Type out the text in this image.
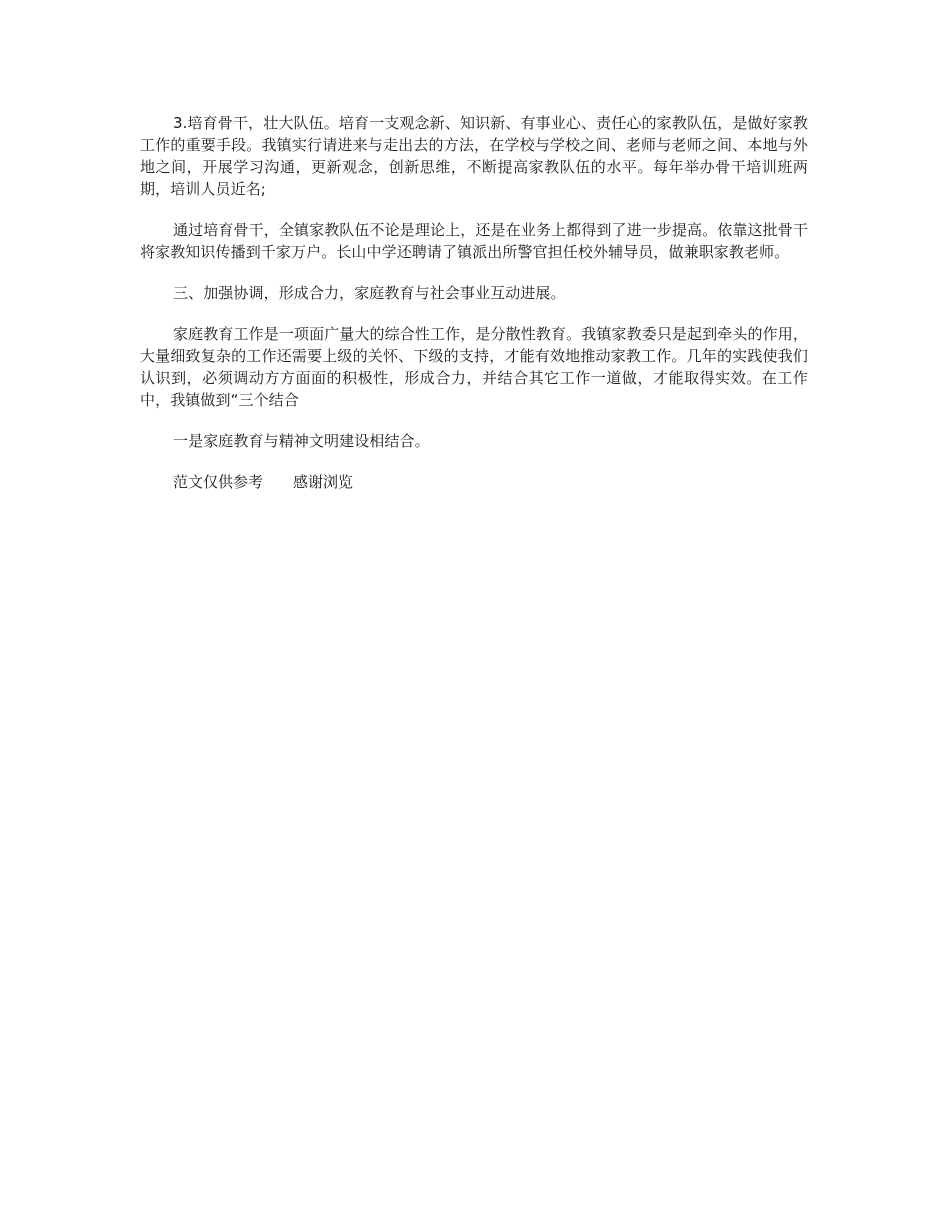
3.培育骨干，壮大队伍。培育一支观念新、知识新、有事业心、责任心的家教队伍，是做好家教工作的重要手段。我镇实行请进来与走出去的方法，在学校与学校之间、老师与老师之间、本地与外地之间，开展学习沟通，更新观念，创新思维，不断提高家教队伍的水平。每年举办骨干培训班两期，培训人员近名;

通过培育骨干，全镇家教队伍不论是理论上，还是在业务上都得到了进一步提高。依靠这批骨干将家教知识传播到千家万户。长山中学还聘请了镇派出所警官担任校外辅导员，做兼职家教老师。

三、加强协调，形成合力，家庭教育与社会事业互动进展。

家庭教育工作是一项面广量大的综合性工作，是分散性教育。我镇家教委只是起到牵头的作用，大量细致复杂的工作还需要上级的关怀、下级的支持，才能有效地推动家教工作。几年的实践使我们认识到，必须调动方方面面的积极性，形成合力，并结合其它工作一道做，才能取得实效。在工作中，我镇做到“三个结合

一是家庭教育与精神文明建设相结合。

范文仅供参考 感谢浏览
